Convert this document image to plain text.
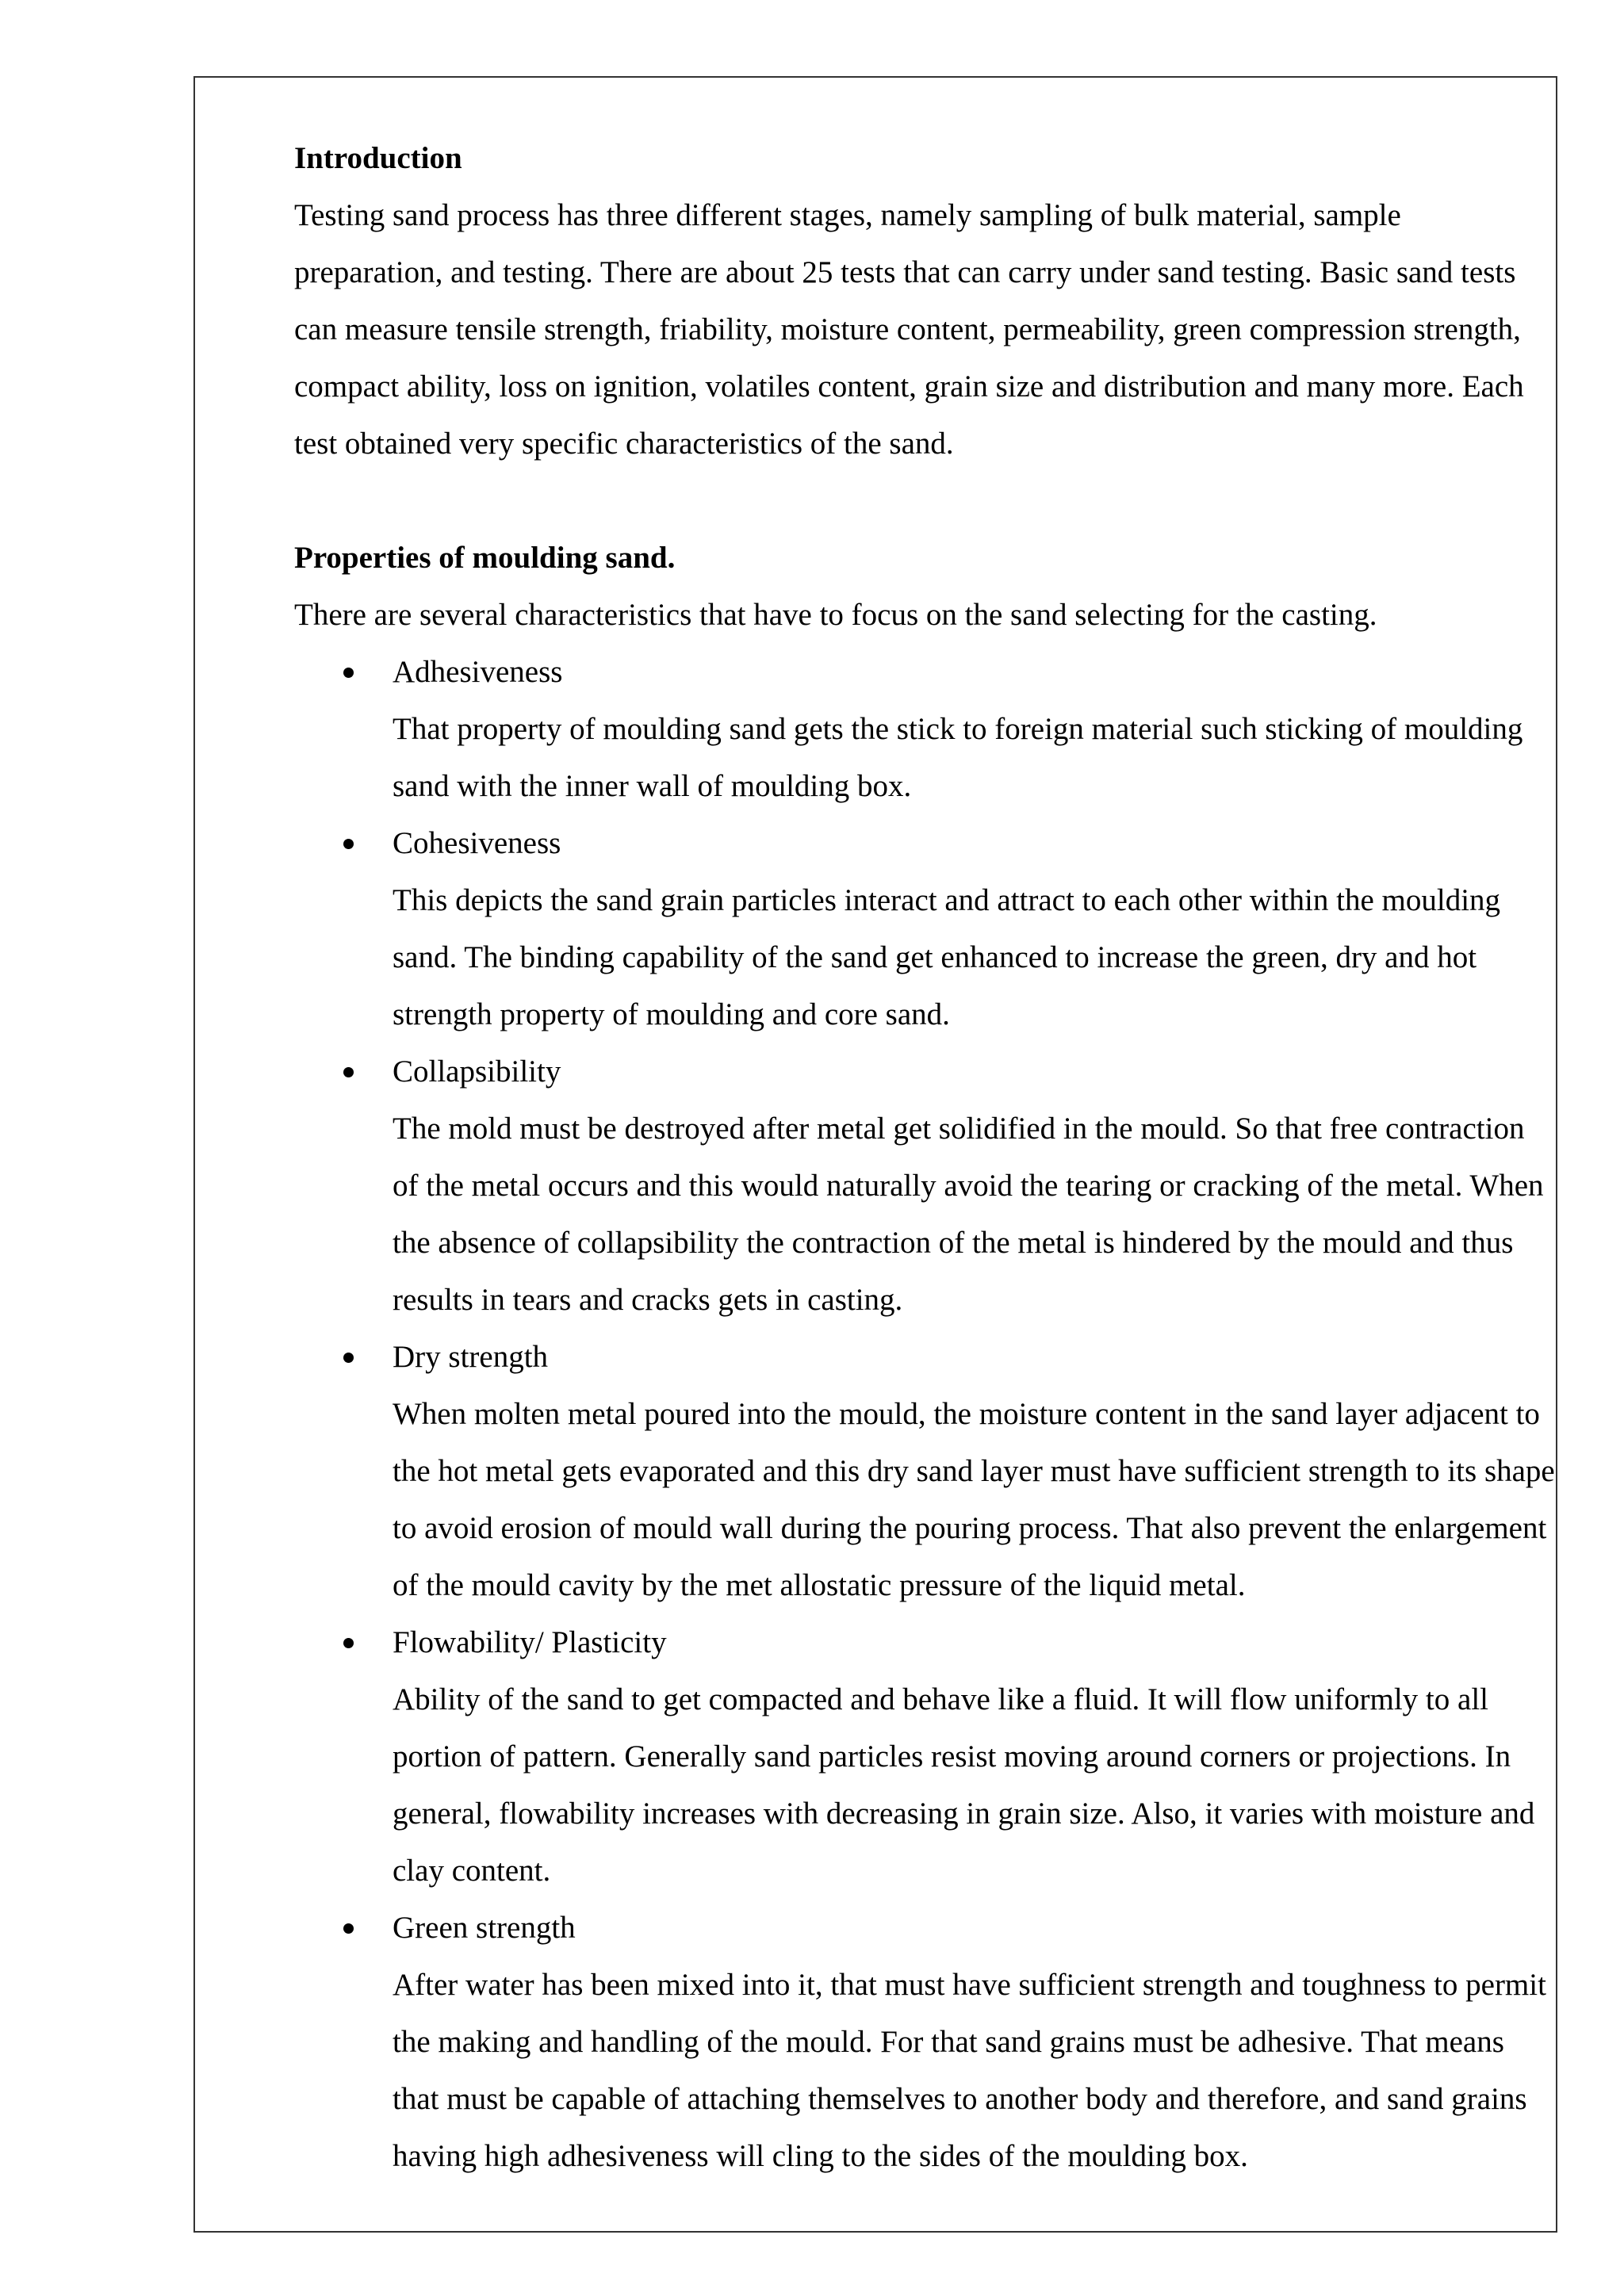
Introduction

Testing sand process has three different stages, namely sampling of bulk material, sample preparation, and testing. There are about 25 tests that can carry under sand testing. Basic sand tests can measure tensile strength, friability, moisture content, permeability, green compression strength, compact ability, loss on ignition, volatiles content, grain size and distribution and many more. Each test obtained very specific characteristics of the sand.

Properties of moulding sand.

There are several characteristics that have to focus on the sand selecting for the casting.

Adhesiveness
That property of moulding sand gets the stick to foreign material such sticking of moulding sand with the inner wall of moulding box.
Cohesiveness
This depicts the sand grain particles interact and attract to each other within the moulding sand. The binding capability of the sand get enhanced to increase the green, dry and hot strength property of moulding and core sand.
Collapsibility
The mold must be destroyed after metal get solidified in the mould. So that free contraction of the metal occurs and this would naturally avoid the tearing or cracking of the metal. When the absence of collapsibility the contraction of the metal is hindered by the mould and thus results in tears and cracks gets in casting.
Dry strength
When molten metal poured into the mould, the moisture content in the sand layer adjacent to the hot metal gets evaporated and this dry sand layer must have sufficient strength to its shape to avoid erosion of mould wall during the pouring process. That also prevent the enlargement of the mould cavity by the met allostatic pressure of the liquid metal.
Flowability/ Plasticity
Ability of the sand to get compacted and behave like a fluid. It will flow uniformly to all portion of pattern. Generally sand particles resist moving around corners or projections. In general, flowability increases with decreasing in grain size. Also, it varies with moisture and clay content.
Green strength
After water has been mixed into it, that must have sufficient strength and toughness to permit the making and handling of the mould. For that sand grains must be adhesive. That means that must be capable of attaching themselves to another body and therefore, and sand grains having high adhesiveness will cling to the sides of the moulding box.
